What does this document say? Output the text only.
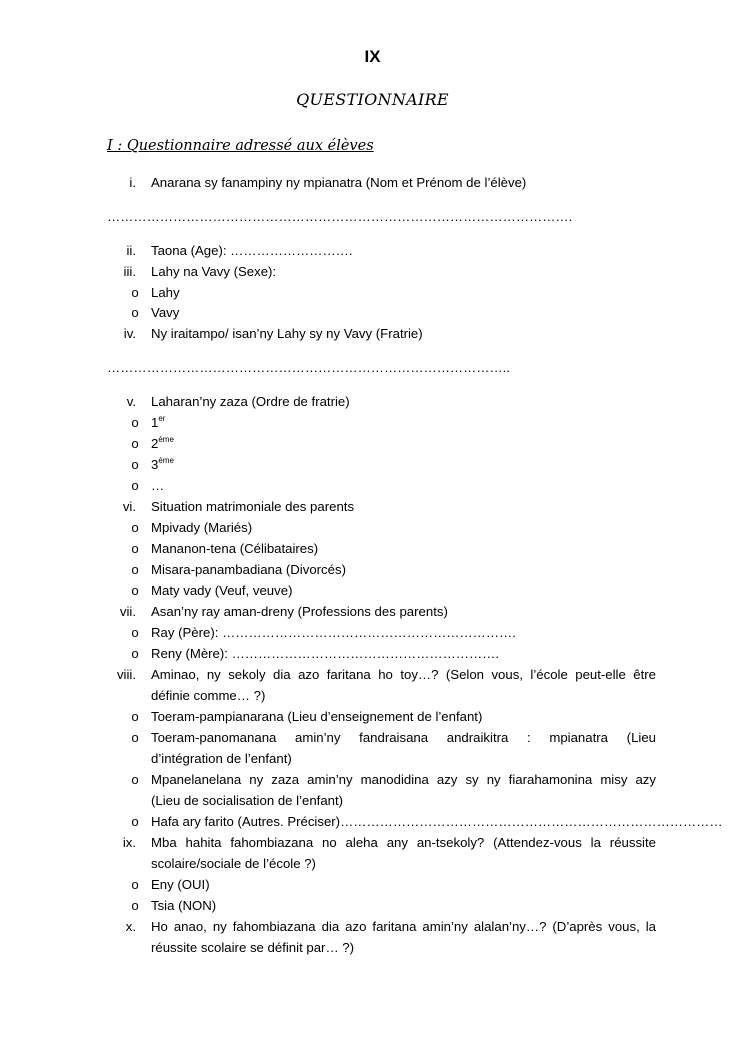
IX
QUESTIONNAIRE
I : Questionnaire adressé aux élèves
i. Anarana sy fanampiny ny mpianatra (Nom et Prénom de l’élève)
…………………………………………………………………………………………….
ii. Taona (Age): ……………………….
iii. Lahy na Vavy (Sexe):
o Lahy
o Vavy
iv. Ny iraitampo/ isan’ny Lahy sy ny Vavy (Fratrie)
………………………………………………………………………………..
v. Laharan’ny zaza (Ordre de fratrie)
o 1er
o 2ème
o 3ème
o …
vi. Situation matrimoniale des parents
o Mpivady (Mariés)
o Mananon-tena (Célibataires)
o Misara-panambadiana (Divorcés)
o Maty vady (Veuf, veuve)
vii. Asan’ny ray aman-dreny (Professions des parents)
o Ray (Père): ………………………………………………………….
o Reny (Mère): …………………………………………………….
viii. Aminao, ny sekoly dia azo faritana ho toy…? (Selon vous, l’école peut-elle être
définie comme… ?)
o Toeram-pampianarana (Lieu d’enseignement de l’enfant)
o Toeram-panomanana amin’ny fandraisana andraikitra : mpianatra (Lieu
d’intégration de l’enfant)
o Mpanelanelana ny zaza amin’ny manodidina azy sy ny fiarahamonina misy azy
(Lieu de socialisation de l’enfant)
o Hafa ary farito (Autres. Préciser)……………………………………………………………………………
ix. Mba hahita fahombiazana no aleha any an-tsekoly? (Attendez-vous la réussite
scolaire/sociale de l’école ?)
o Eny (OUI)
o Tsia (NON)
x. Ho anao, ny fahombiazana dia azo faritana amin’ny alalan’ny…? (D’après vous, la
réussite scolaire se définit par… ?)
